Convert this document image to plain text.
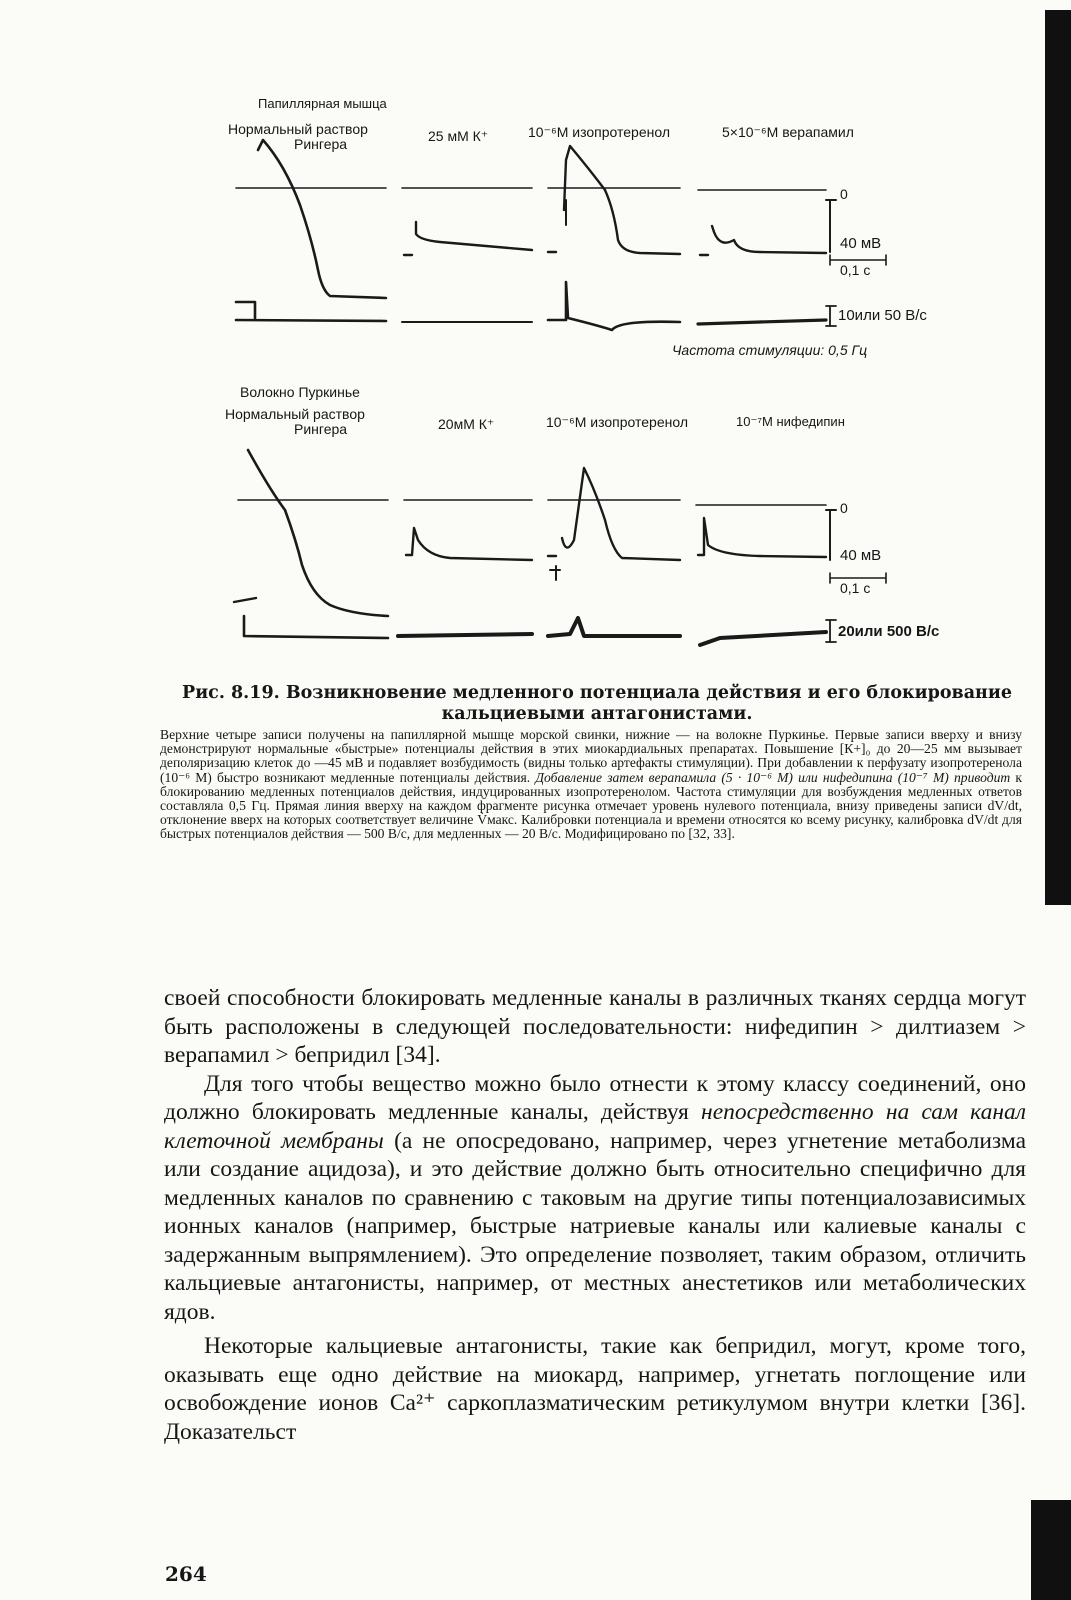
Папиллярная мышца
Нормальный раствор
Рингера	25 мМ К⁺	10⁻⁶М изопротеренол	5×10⁻⁶М верапамил
0
40 мВ
0,1 с
10или 50 В/с
Частота стимуляции: 0,5 Гц
Волокно Пуркинье
Нормальный раствор
Рингера	20мМ К⁺	10⁻⁶М изопротеренол	10⁻⁷М нифедипин
0
40 мВ
0,1 с
20или 500 В/с
Рис. 8.19. Возникновение медленного потенциала действия и его блокирование кальциевыми антагонистами.

Верхние четыре записи получены на папиллярной мышце морской свинки, нижние — на волокне Пуркинье. Первые записи вверху и внизу демонстрируют нормальные «быстрые» потенциалы действия в этих миокардиальных препаратах. Повышение [К+]₀ до 20—25 мм вызывает деполяризацию клеток до —45 мВ и подавляет возбудимость (видны только артефакты стимуляции). При добавлении к перфузату изопротеренола (10⁻⁶ М) быстро возникают медленные потенциалы действия. Добавление затем верапамила (5 · 10⁻⁶ М) или нифедипина (10⁻⁷ М) приводит к блокированию медленных потенциалов действия, индуцированных изопротеренолом. Частота стимуляции для возбуждения медленных ответов составляла 0,5 Гц. Прямая линия вверху на каждом фрагменте рисунка отмечает уровень нулевого потенциала, внизу приведены записи dV/dt, отклонение вверх на которых соответствует величине V̇макс. Калибровки потенциала и времени относятся ко всему рисунку, калибровка dV/dt для быстрых потенциалов действия — 500 В/с, для медленных — 20 В/с. Модифицировано по [32, 33].

своей способности блокировать медленные каналы в различных тканях сердца могут быть расположены в следующей последовательности: нифедипин > дилтиазем > верапамил > бепридил [34].

Для того чтобы вещество можно было отнести к этому классу соединений, оно должно блокировать медленные каналы, действуя непосредственно на сам канал клеточной мембраны (а не опосредовано, например, через угнетение метаболизма или создание ацидоза), и это действие должно быть относительно специфично для медленных каналов по сравнению с таковым на другие типы потенциалозависимых ионных каналов (например, быстрые натриевые каналы или калиевые каналы с задержанным выпрямлением). Это определение позволяет, таким образом, отличить кальциевые антагонисты, например, от местных анестетиков или метаболических ядов.

Некоторые кальциевые антагонисты, такие как бепридил, могут, кроме того, оказывать еще одно действие на миокард, например, угнетать поглощение или освобождение ионов Са²⁺ саркоплазматическим ретикулумом внутри клетки [36]. Доказательст

264
